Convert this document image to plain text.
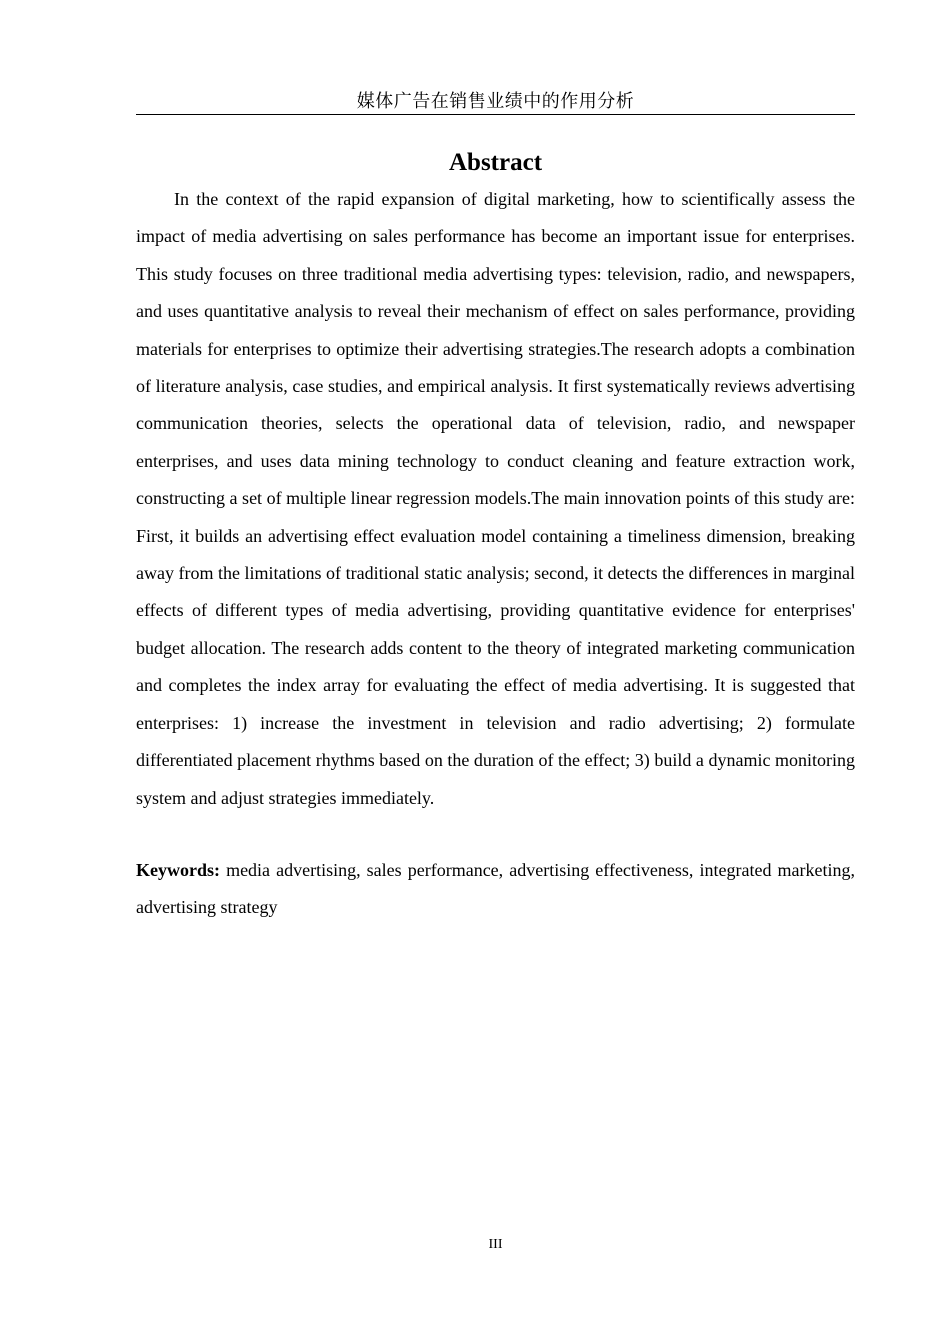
媒体广告在销售业绩中的作用分析
Abstract

In the context of the rapid expansion of digital marketing, how to scientifically assess the impact of media advertising on sales performance has become an important issue for enterprises. This study focuses on three traditional media advertising types: television, radio, and newspapers, and uses quantitative analysis to reveal their mechanism of effect on sales performance, providing materials for enterprises to optimize their advertising strategies.The research adopts a combination of literature analysis, case studies, and empirical analysis. It first systematically reviews advertising communication theories, selects the operational data of television, radio, and newspaper enterprises, and uses data mining technology to conduct cleaning and feature extraction work, constructing a set of multiple linear regression models.The main innovation points of this study are: First, it builds an advertising effect evaluation model containing a timeliness dimension, breaking away from the limitations of traditional static analysis; second, it detects the differences in marginal effects of different types of media advertising, providing quantitative evidence for enterprises' budget allocation. The research adds content to the theory of integrated marketing communication and completes the index array for evaluating the effect of media advertising. It is suggested that enterprises: 1) increase the investment in television and radio advertising; 2) formulate differentiated placement rhythms based on the duration of the effect; 3) build a dynamic monitoring system and adjust strategies immediately.

Keywords: media advertising, sales performance, advertising effectiveness, integrated marketing, advertising strategy

III
